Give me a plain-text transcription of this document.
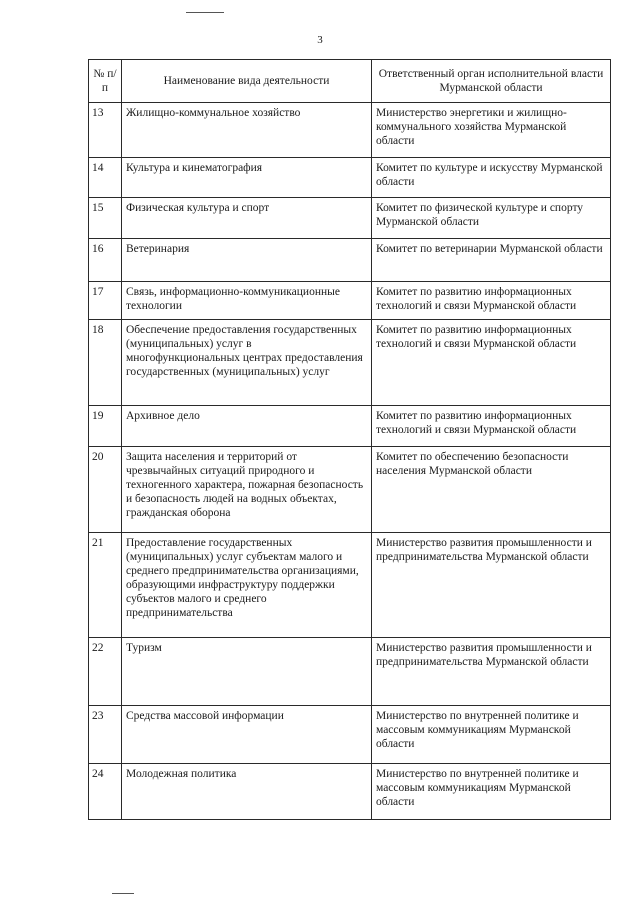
3
№ п/п	Наименование вида деятельности	Ответственный орган исполнительной власти Мурманской области
13	Жилищно-коммунальное хозяйство	Министерство энергетики и жилищно-коммунального хозяйства Мурманской области
14	Культура и кинематография	Комитет по культуре и искусству Мурманской области
15	Физическая культура и спорт	Комитет по физической культуре и спорту Мурманской области
16	Ветеринария	Комитет по ветеринарии Мурманской области
17	Связь, информационно-коммуникационные технологии	Комитет по развитию информационных технологий и связи Мурманской области
18	Обеспечение предоставления государственных (муниципальных) услуг в многофункциональных центрах предоставления государственных (муниципальных) услуг	Комитет по развитию информационных технологий и связи Мурманской области
19	Архивное дело	Комитет по развитию информационных технологий и связи Мурманской области
20	Защита населения и территорий от чрезвычайных ситуаций природного и техногенного характера, пожарная безопасность и безопасность людей на водных объектах, гражданская оборона	Комитет по обеспечению безопасности населения Мурманской области
21	Предоставление государственных (муниципальных) услуг субъектам малого и среднего предпринимательства организациями, образующими инфраструктуру поддержки субъектов малого и среднего предпринимательства	Министерство развития промышленности и предпринимательства Мурманской области
22	Туризм	Министерство развития промышленности и предпринимательства Мурманской области
23	Средства массовой информации	Министерство по внутренней политике и массовым коммуникациям Мурманской области
24	Молодежная политика	Министерство по внутренней политике и массовым коммуникациям Мурманской области
